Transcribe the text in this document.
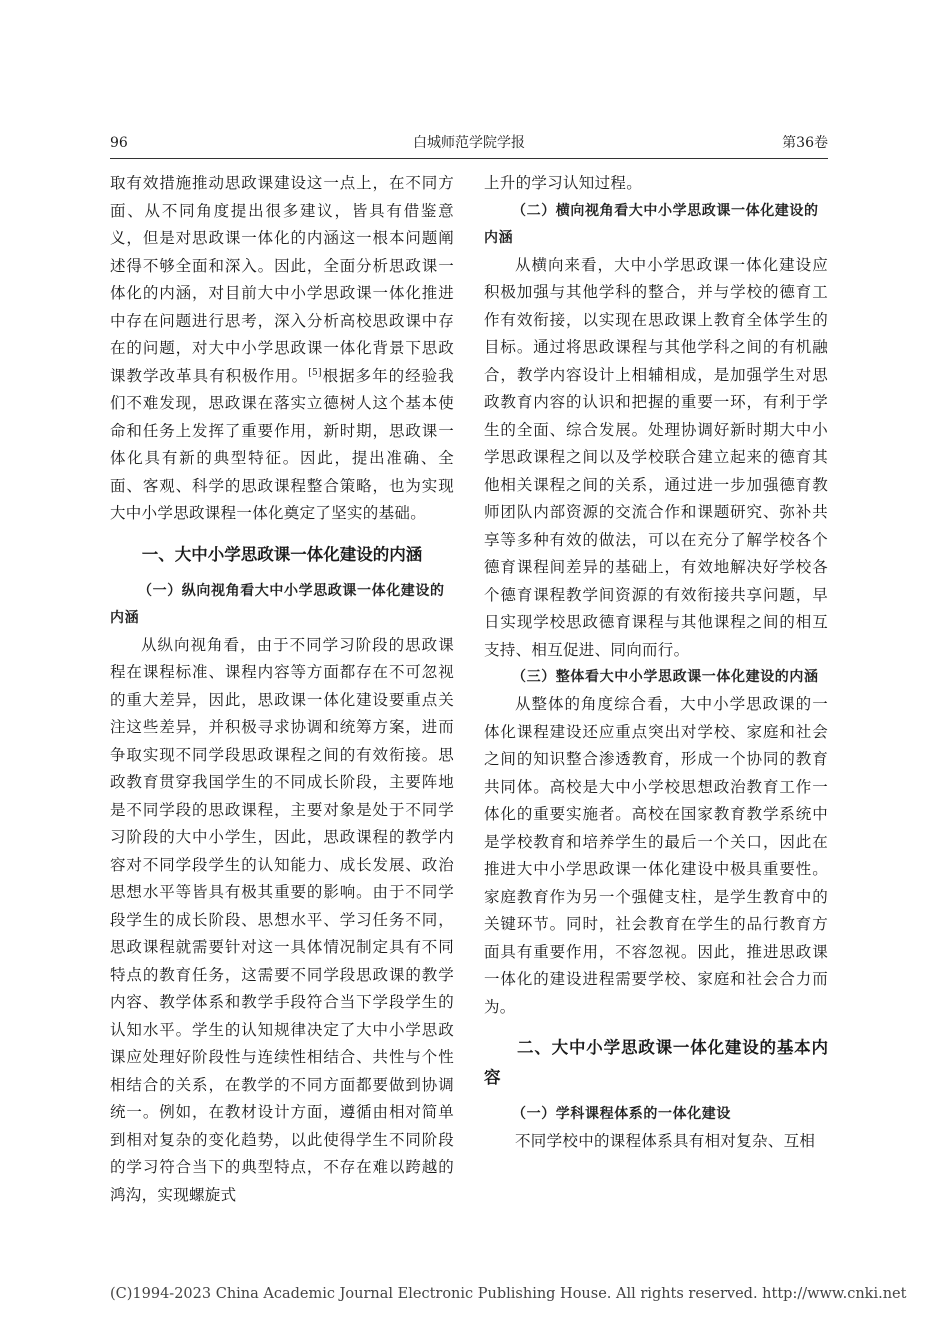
96	白城师范学院学报	第36卷

取有效措施推动思政课建设这一点上，在不同方面、从不同角度提出很多建议，皆具有借鉴意义，但是对思政课一体化的内涵这一根本问题阐述得不够全面和深入。因此，全面分析思政课一体化的内涵，对目前大中小学思政课一体化推进中存在问题进行思考，深入分析高校思政课中存在的问题，对大中小学思政课一体化背景下思政课教学改革具有积极作用。[5]根据多年的经验我们不难发现，思政课在落实立德树人这个基本使命和任务上发挥了重要作用，新时期，思政课一体化具有新的典型特征。因此，提出准确、全面、客观、科学的思政课程整合策略，也为实现大中小学思政课程一体化奠定了坚实的基础。

一、大中小学思政课一体化建设的内涵
（一）纵向视角看大中小学思政课一体化建设的内涵

从纵向视角看，由于不同学习阶段的思政课程在课程标准、课程内容等方面都存在不可忽视的重大差异，因此，思政课一体化建设要重点关注这些差异，并积极寻求协调和统筹方案，进而争取实现不同学段思政课程之间的有效衔接。思政教育贯穿我国学生的不同成长阶段，主要阵地是不同学段的思政课程，主要对象是处于不同学习阶段的大中小学生，因此，思政课程的教学内容对不同学段学生的认知能力、成长发展、政治思想水平等皆具有极其重要的影响。由于不同学段学生的成长阶段、思想水平、学习任务不同，思政课程就需要针对这一具体情况制定具有不同特点的教育任务，这需要不同学段思政课的教学内容、教学体系和教学手段符合当下学段学生的认知水平。学生的认知规律决定了大中小学思政课应处理好阶段性与连续性相结合、共性与个性相结合的关系，在教学的不同方面都要做到协调统一。例如，在教材设计方面，遵循由相对简单到相对复杂的变化趋势，以此使得学生不同阶段的学习符合当下的典型特点，不存在难以跨越的鸿沟，实现螺旋式

上升的学习认知过程。

（二）横向视角看大中小学思政课一体化建设的内涵

从横向来看，大中小学思政课一体化建设应积极加强与其他学科的整合，并与学校的德育工作有效衔接，以实现在思政课上教育全体学生的目标。通过将思政课程与其他学科之间的有机融合，教学内容设计上相辅相成，是加强学生对思政教育内容的认识和把握的重要一环，有利于学生的全面、综合发展。处理协调好新时期大中小学思政课程之间以及学校联合建立起来的德育其他相关课程之间的关系，通过进一步加强德育教师团队内部资源的交流合作和课题研究、弥补共享等多种有效的做法，可以在充分了解学校各个德育课程间差异的基础上，有效地解决好学校各个德育课程教学间资源的有效衔接共享问题，早日实现学校思政德育课程与其他课程之间的相互支持、相互促进、同向而行。

（三）整体看大中小学思政课一体化建设的内涵

从整体的角度综合看，大中小学思政课的一体化课程建设还应重点突出对学校、家庭和社会之间的知识整合渗透教育，形成一个协同的教育共同体。高校是大中小学校思想政治教育工作一体化的重要实施者。高校在国家教育教学系统中是学校教育和培养学生的最后一个关口，因此在推进大中小学思政课一体化建设中极具重要性。家庭教育作为另一个强健支柱，是学生教育中的关键环节。同时，社会教育在学生的品行教育方面具有重要作用，不容忽视。因此，推进思政课一体化的建设进程需要学校、家庭和社会合力而为。

二、大中小学思政课一体化建设的基本内容
（一）学科课程体系的一体化建设

不同学校中的课程体系具有相对复杂、互相

(C)1994-2023 China Academic Journal Electronic Publishing House. All rights reserved. http://www.cnki.net
